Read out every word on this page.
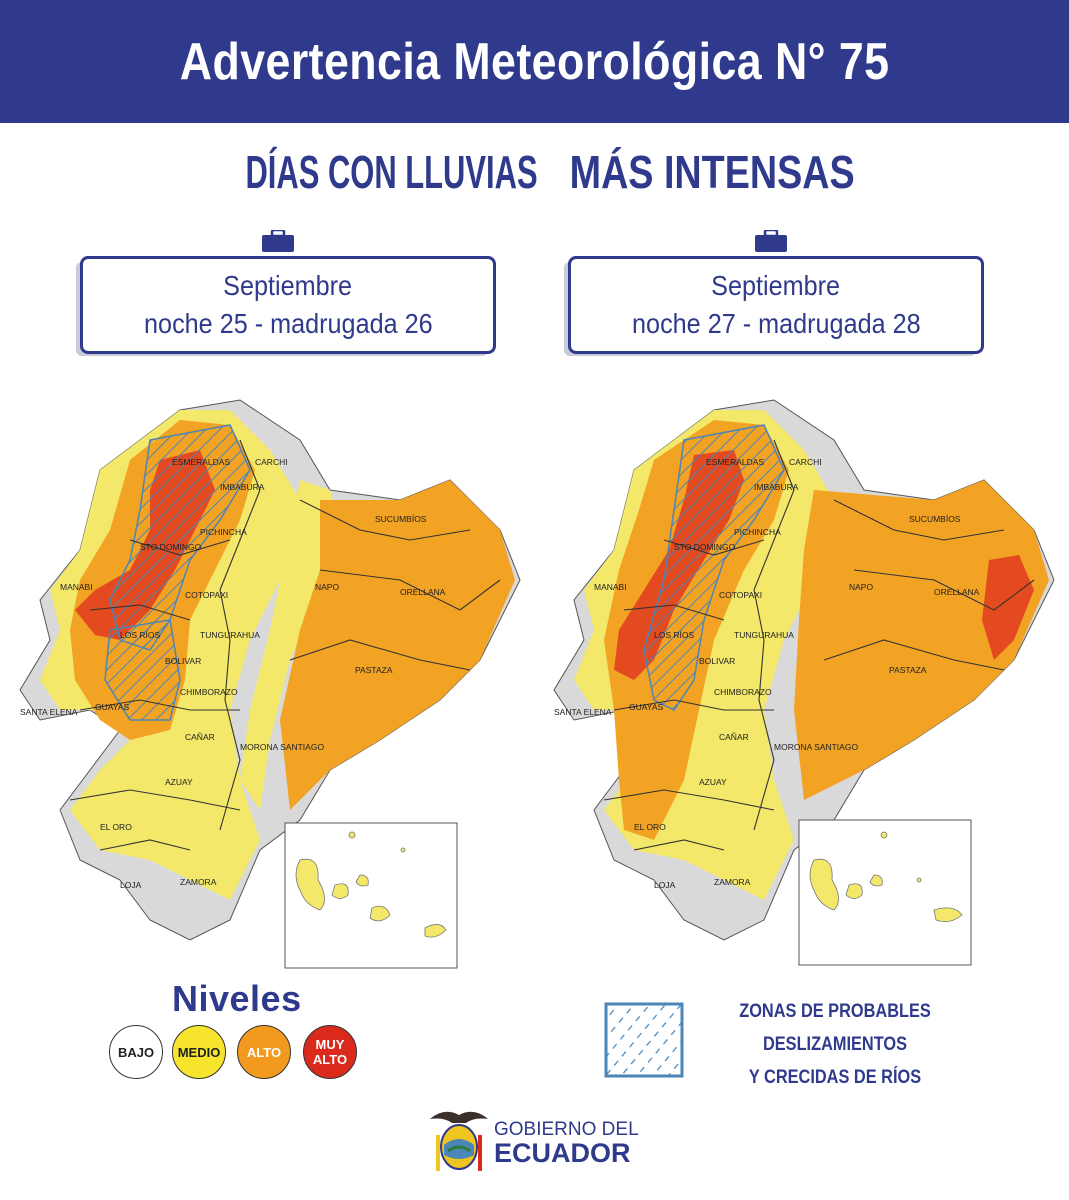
Advertencia Meteorológica N° 75
DÍAS CON LLUVIASMÁS INTENSAS
Septiembre
noche 25 - madrugada 26
Septiembre
noche 27 - madrugada 28
ESMERALDAS	CARCHI
IMBABURA
PICHINCHA
STO DOMINGO
SUCUMBÍOS
MANABI	NAPO	ORELLANA
COTOPAXI
LOS RÍOS	TUNGURAHUA
BOLIVAR
PASTAZA
CHIMBORAZO
SANTA ELENA GUAYAS
CAÑAR
MORONA SANTIAGO
AZUAY
EL ORO
LOJA	ZAMORA
ESMERALDAS	CARCHI
IMBABURA
PICHINCHA
STO DOMINGO
SUCUMBÍOS
MANABI	NAPO	ORELLANA
COTOPAXI
LOS RÍOS	TUNGURAHUA
BOLIVAR
PASTAZA
CHIMBORAZO
SANTA ELENA GUAYAS
CAÑAR
MORONA SANTIAGO
AZUAY
EL ORO
LOJA	ZAMORA
Niveles
BAJO MEDIO ALTO	MUY ALTO
ZONAS DE PROBABLES
DESLIZAMIENTOS
Y CRECIDAS DE RÍOS
GOBIERNO DEL
ECUADOR
